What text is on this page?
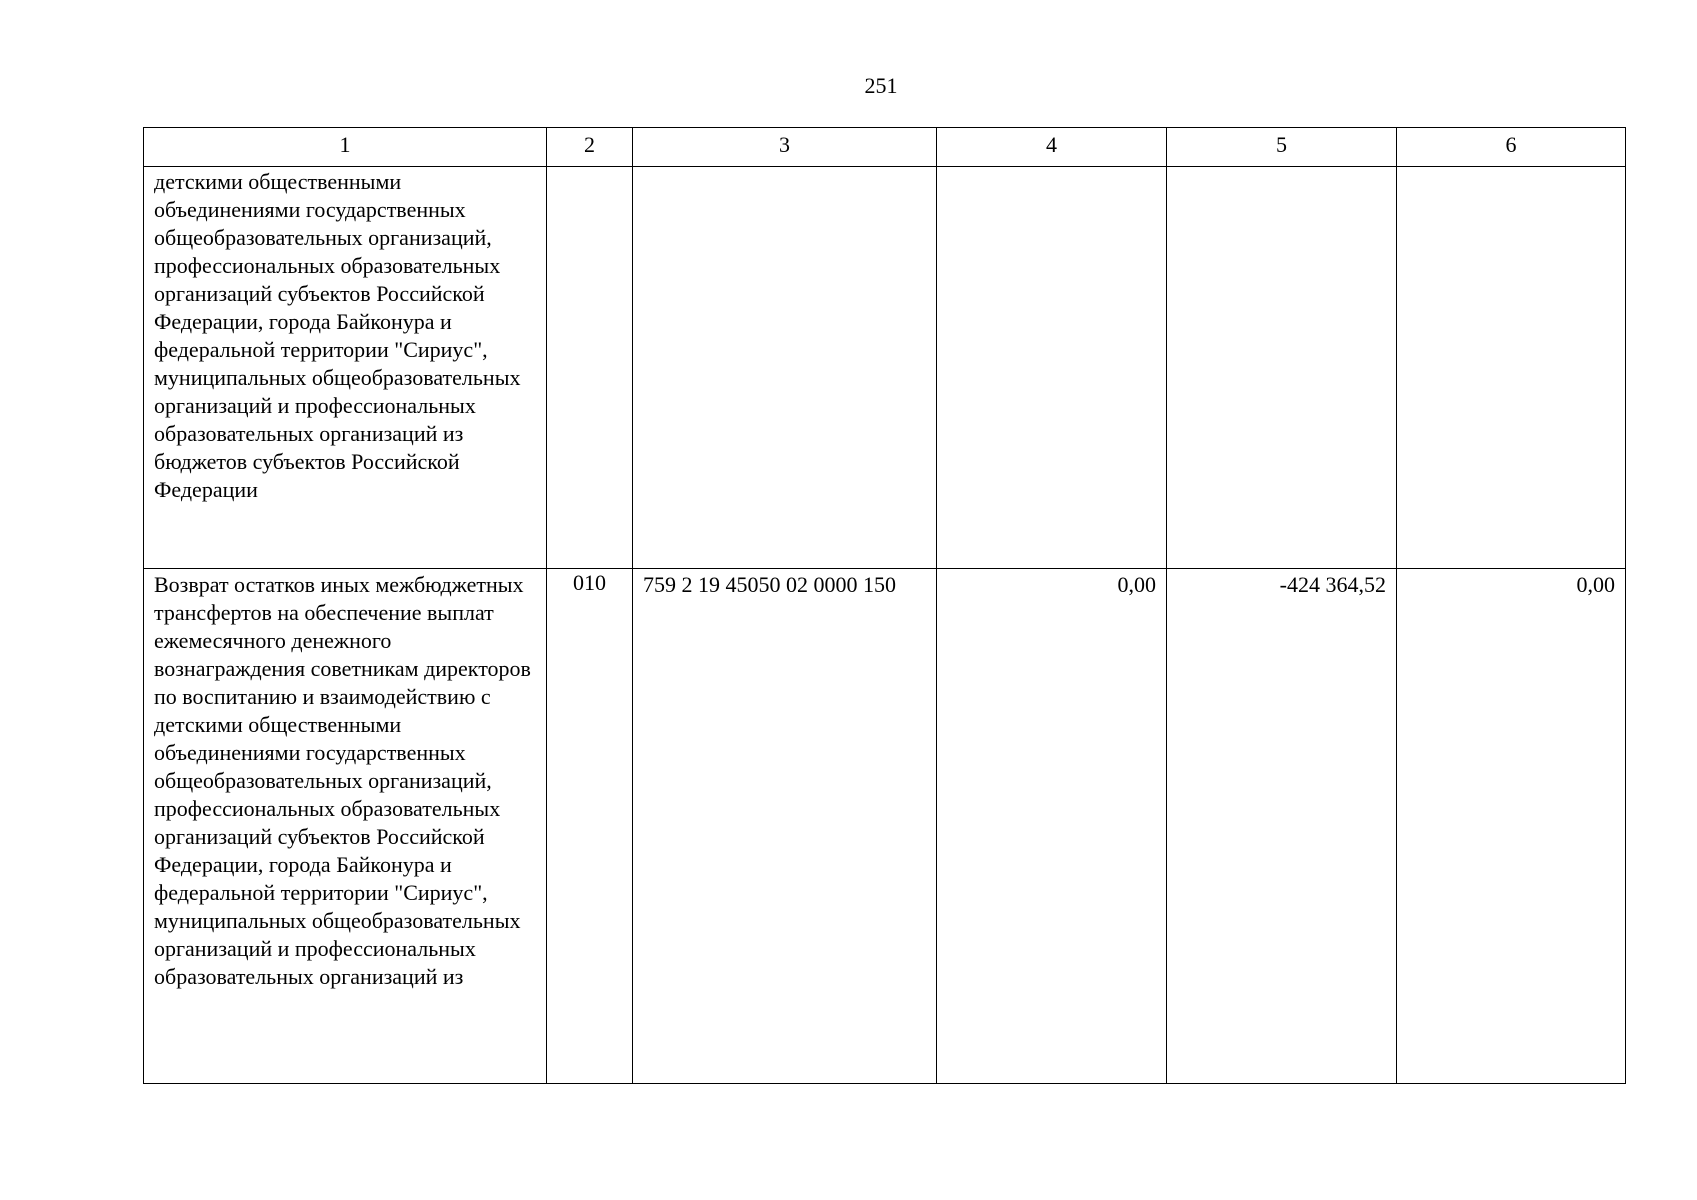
251
1	2	3	4	5	6
детскими общественными объединениями государственных общеобразовательных организаций, профессиональных образовательных организаций субъектов Российской Федерации, города Байконура и федеральной территории "Сириус", муниципальных общеобразовательных организаций и профессиональных образовательных организаций из бюджетов субъектов Российской Федерации					
Возврат остатков иных межбюджетных трансфертов на обеспечение выплат ежемесячного денежного вознаграждения советникам директоров по воспитанию и взаимодействию с детскими общественными объединениями государственных общеобразовательных организаций, профессиональных образовательных организаций субъектов Российской Федерации, города Байконура и федеральной территории "Сириус", муниципальных общеобразовательных организаций и профессиональных образовательных организаций из	010	759 2 19 45050 02 0000 150	0,00	-424 364,52	0,00
